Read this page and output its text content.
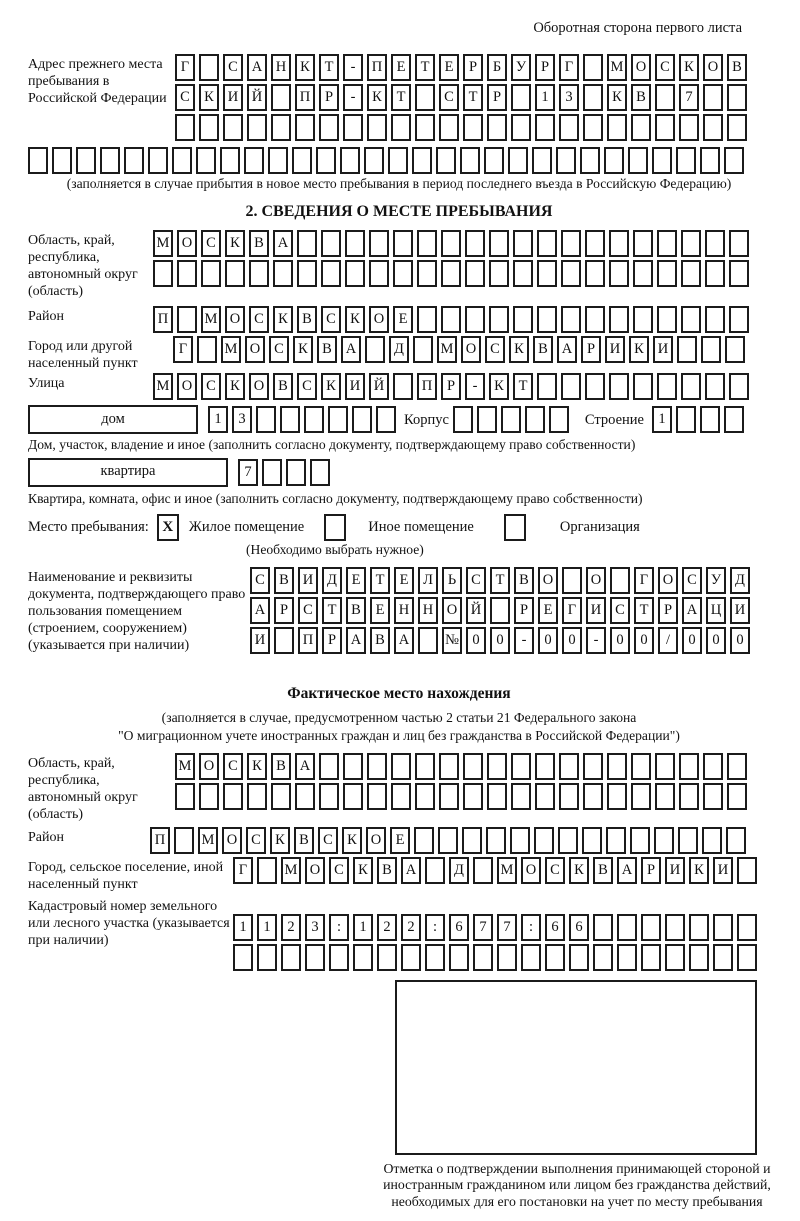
Оборотная сторона первого листа
Адрес прежнего места пребывания в Российской Федерации
Г	С А Н К	Т	-	П Е	Т	Е	Р	Б	У	Р	Г	М О С К О В
С К И Й	П	Р	-	К	Т	С	Т	Р	1	3	К В	7
(заполняется в случае прибытия в новое место пребывания в период последнего въезда в Российскую Федерацию)
2. СВЕДЕНИЯ О МЕСТЕ ПРЕБЫВАНИЯ
Область, край, республика, автономный округ (область)
М О С К В А
Район	П	М О С К В С К О Е
Город или другой населенный пункт
Г	М О С К В А	Д	М О С К В А	Р	И К И
Улица	М О С К О В С К И Й	П	Р	-	К	Т
дом	1	3	Корпус	Строение 1
Дом, участок, владение и иное (заполнить согласно документу, подтверждающему право собственности)
квартира	7
Квартира, комната, офис и иное (заполнить согласно документу, подтверждающему право собственности)
Место пребывания: X	Жилое помещение	Иное помещение	Организация
(Необходимо выбрать нужное)
Наименование и реквизиты документа, подтверждающего право пользования помещением (строением, сооружением) (указывается при наличии)
С В И Д	Е	Т	Е	Л	Ь	С	Т	В О	О	Г	О С У Д
А	Р	С	Т	В	Е Н Н О Й	Р	Е	Г	И С	Т	Р	А Ц И
И	П	Р	А В А	№ 0	0	-	0	0	-	0	0	/	0	0	0
Фактическое место нахождения
(заполняется в случае, предусмотренном частью 2 статьи 21 Федерального закона
"О миграционном учете иностранных граждан и лиц без гражданства в Российской Федерации")
Область, край, республика, автономный округ (область)
М О С К В А
Район	П	М О С К В С К О Е
Город, сельское поселение, иной населенный пункт
Г	М О С К В А	Д	М О С К В А	Р	И К И
Кадастровый номер земельного или лесного участка (указывается при наличии)
1	1	2	3	:	1	2	2	:	6	7	7	:	6	6
Отметка о подтверждении выполнения принимающей стороной и иностранным гражданином или лицом без гражданства действий, необходимых для его постановки на учет по месту пребывания
